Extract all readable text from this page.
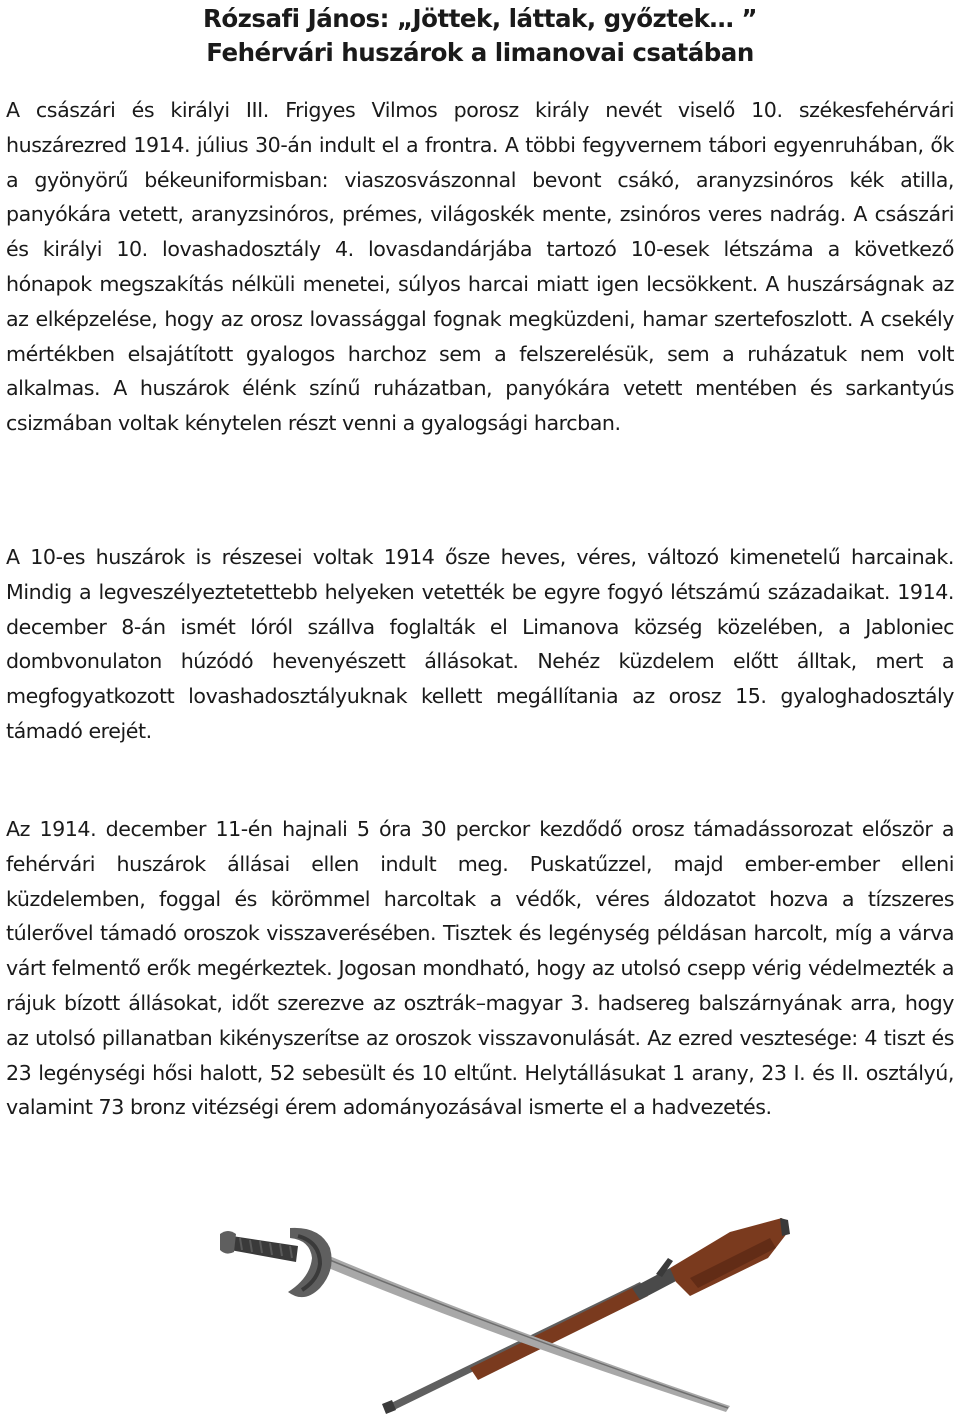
Rózsafi János: „Jöttek, láttak, győztek… ”
Fehérvári huszárok a limanovai csatában

A császári és királyi III. Frigyes Vilmos porosz király nevét viselő 10. székesfehérvári huszárezred 1914. július 30-án indult el a frontra. A többi fegyvernem tábori egyenruhában, ők a gyönyörű békeuniformisban: viaszosvászonnal bevont csákó, aranyzsinóros kék atilla, panyókára vetett, aranyzsinóros, prémes, világoskék mente, zsinóros veres nadrág. A császári és királyi 10. lovashadosztály 4. lovasdandárjába tartozó 10-esek létszáma a következő hónapok megszakítás nélküli menetei, súlyos harcai miatt igen lecsökkent. A huszárságnak az az elképzelése, hogy az orosz lovassággal fognak megküzdeni, hamar szertefoszlott. A csekély mértékben elsajátított gyalogos harchoz sem a felszerelésük, sem a ruházatuk nem volt alkalmas. A huszárok élénk színű ruházatban, panyókára vetett mentében és sarkantyús csizmában voltak kénytelen részt venni a gyalogsági harcban.

A 10-es huszárok is részesei voltak 1914 ősze heves, véres, változó kimenetelű harcainak. Mindig a legveszélyeztetettebb helyeken vetették be egyre fogyó létszámú századaikat. 1914. december 8-án ismét lóról szállva foglalták el Limanova község közelében, a Jabloniec dombvonulaton húzódó hevenyészett állásokat. Nehéz küzdelem előtt álltak, mert a megfogyatkozott lovashadosztályuknak kellett megállítania az orosz 15. gyaloghadosztály támadó erejét.

Az 1914. december 11-én hajnali 5 óra 30 perckor kezdődő orosz támadássorozat először a fehérvári huszárok állásai ellen indult meg. Puskatűzzel, majd ember-ember elleni küzdelemben, foggal és körömmel harcoltak a védők, véres áldozatot hozva a tízszeres túlerővel támadó oroszok visszaverésében. Tisztek és legénység példásan harcolt, míg a várva várt felmentő erők megérkeztek. Jogosan mondható, hogy az utolsó csepp vérig védelmezték a rájuk bízott állásokat, időt szerezve az osztrák–magyar 3. hadsereg balszárnyának arra, hogy az utolsó pillanatban kikényszerítse az oroszok visszavonulását. Az ezred vesztesége: 4 tiszt és 23 legénységi hősi halott, 52 sebesült és 10 eltűnt. Helytállásukat 1 arany, 23 I. és II. osztályú, valamint 73 bronz vitézségi érem adományozásával ismerte el a hadvezetés.
